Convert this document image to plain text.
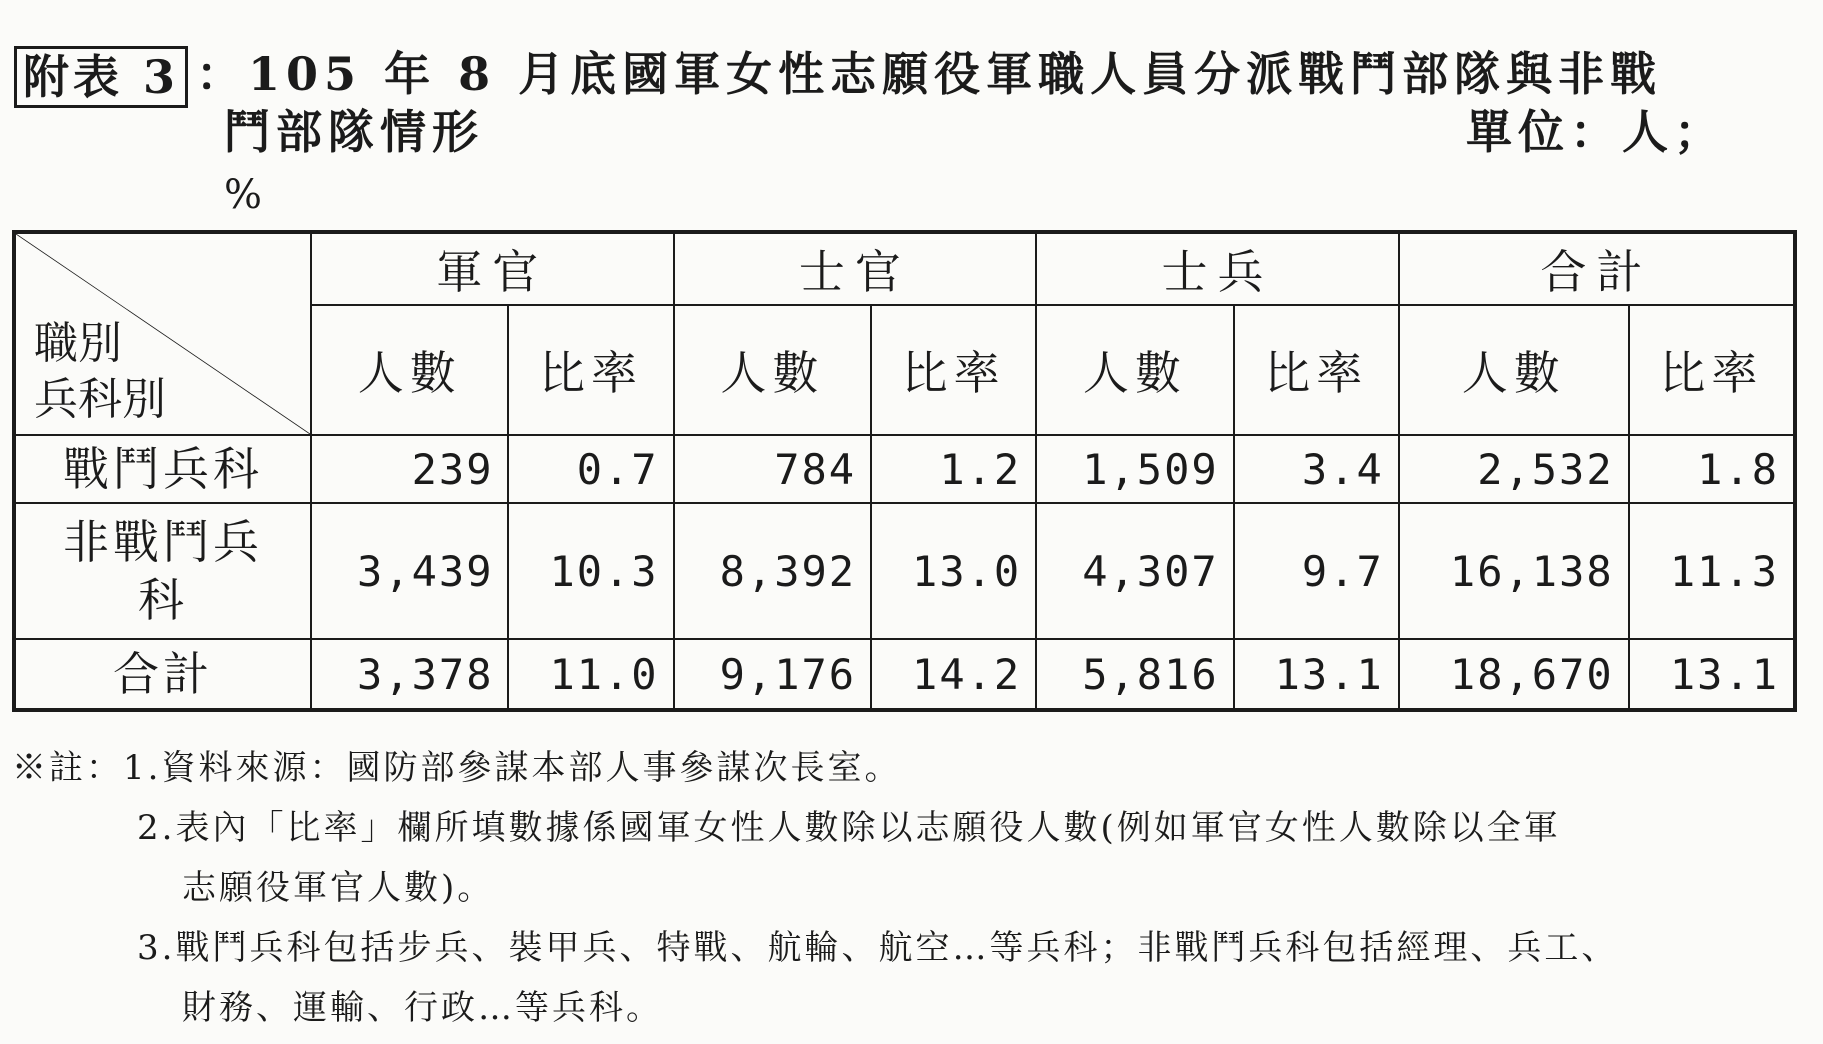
附表 3 ：105 年 8 月底國軍女性志願役軍職人員分派戰鬥部隊與非戰
鬥部隊情形	單位：人；
%
職別
兵科別	軍官		士官		士兵		合計	
	人數	比率	人數	比率	人數	比率	人數	比率
戰鬥兵科	239	0.7	784	1.2	1,509	3.4	2,532	1.8
非戰鬥兵科	3,439	10.3	8,392	13.0	4,307	9.7	16,138	11.3
合計	3,378	11.0	9,176	14.2	5,816	13.1	18,670	13.1
※註：1.資料來源：國防部參謀本部人事參謀次長室。
2.表內「比率」欄所填數據係國軍女性人數除以志願役人數(例如軍官女性人數除以全軍
志願役軍官人數)。
3.戰鬥兵科包括步兵、裝甲兵、特戰、航輪、航空…等兵科；非戰鬥兵科包括經理、兵工、
財務、運輸、行政…等兵科。
